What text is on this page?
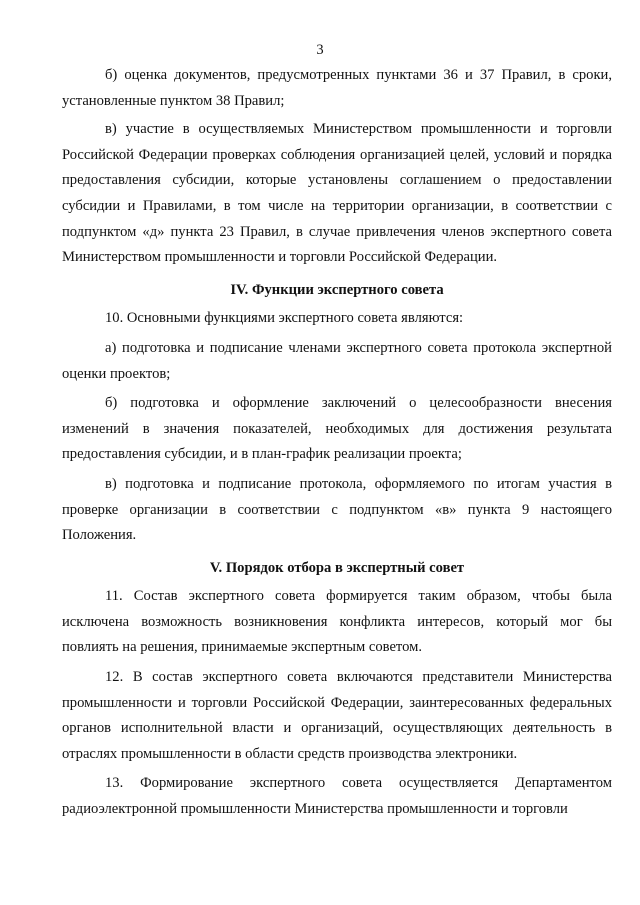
3

б) оценка документов, предусмотренных пунктами 36 и 37 Правил, в сроки, установленные пунктом 38 Правил;

в) участие в осуществляемых Министерством промышленности и торговли Российской Федерации проверках соблюдения организацией целей, условий и порядка предоставления субсидии, которые установлены соглашением о предоставлении субсидии и Правилами, в том числе на территории организации, в соответствии с подпунктом «д» пункта 23 Правил, в случае привлечения членов экспертного совета Министерством промышленности и торговли Российской Федерации.

IV. Функции экспертного совета

10. Основными функциями экспертного совета являются:

а) подготовка и подписание членами экспертного совета протокола экспертной оценки проектов;

б) подготовка и оформление заключений о целесообразности внесения изменений в значения показателей, необходимых для достижения результата предоставления субсидии, и в план-график реализации проекта;

в) подготовка и подписание протокола, оформляемого по итогам участия в проверке организации в соответствии с подпунктом «в» пункта 9 настоящего Положения.

V. Порядок отбора в экспертный совет

11. Состав экспертного совета формируется таким образом, чтобы была исключена возможность возникновения конфликта интересов, который мог бы повлиять на решения, принимаемые экспертным советом.

12. В состав экспертного совета включаются представители Министерства промышленности и торговли Российской Федерации, заинтересованных федеральных органов исполнительной власти и организаций, осуществляющих деятельность в отраслях промышленности в области средств производства электроники.

13. Формирование экспертного совета осуществляется Департаментом радиоэлектронной промышленности Министерства промышленности и торговли
